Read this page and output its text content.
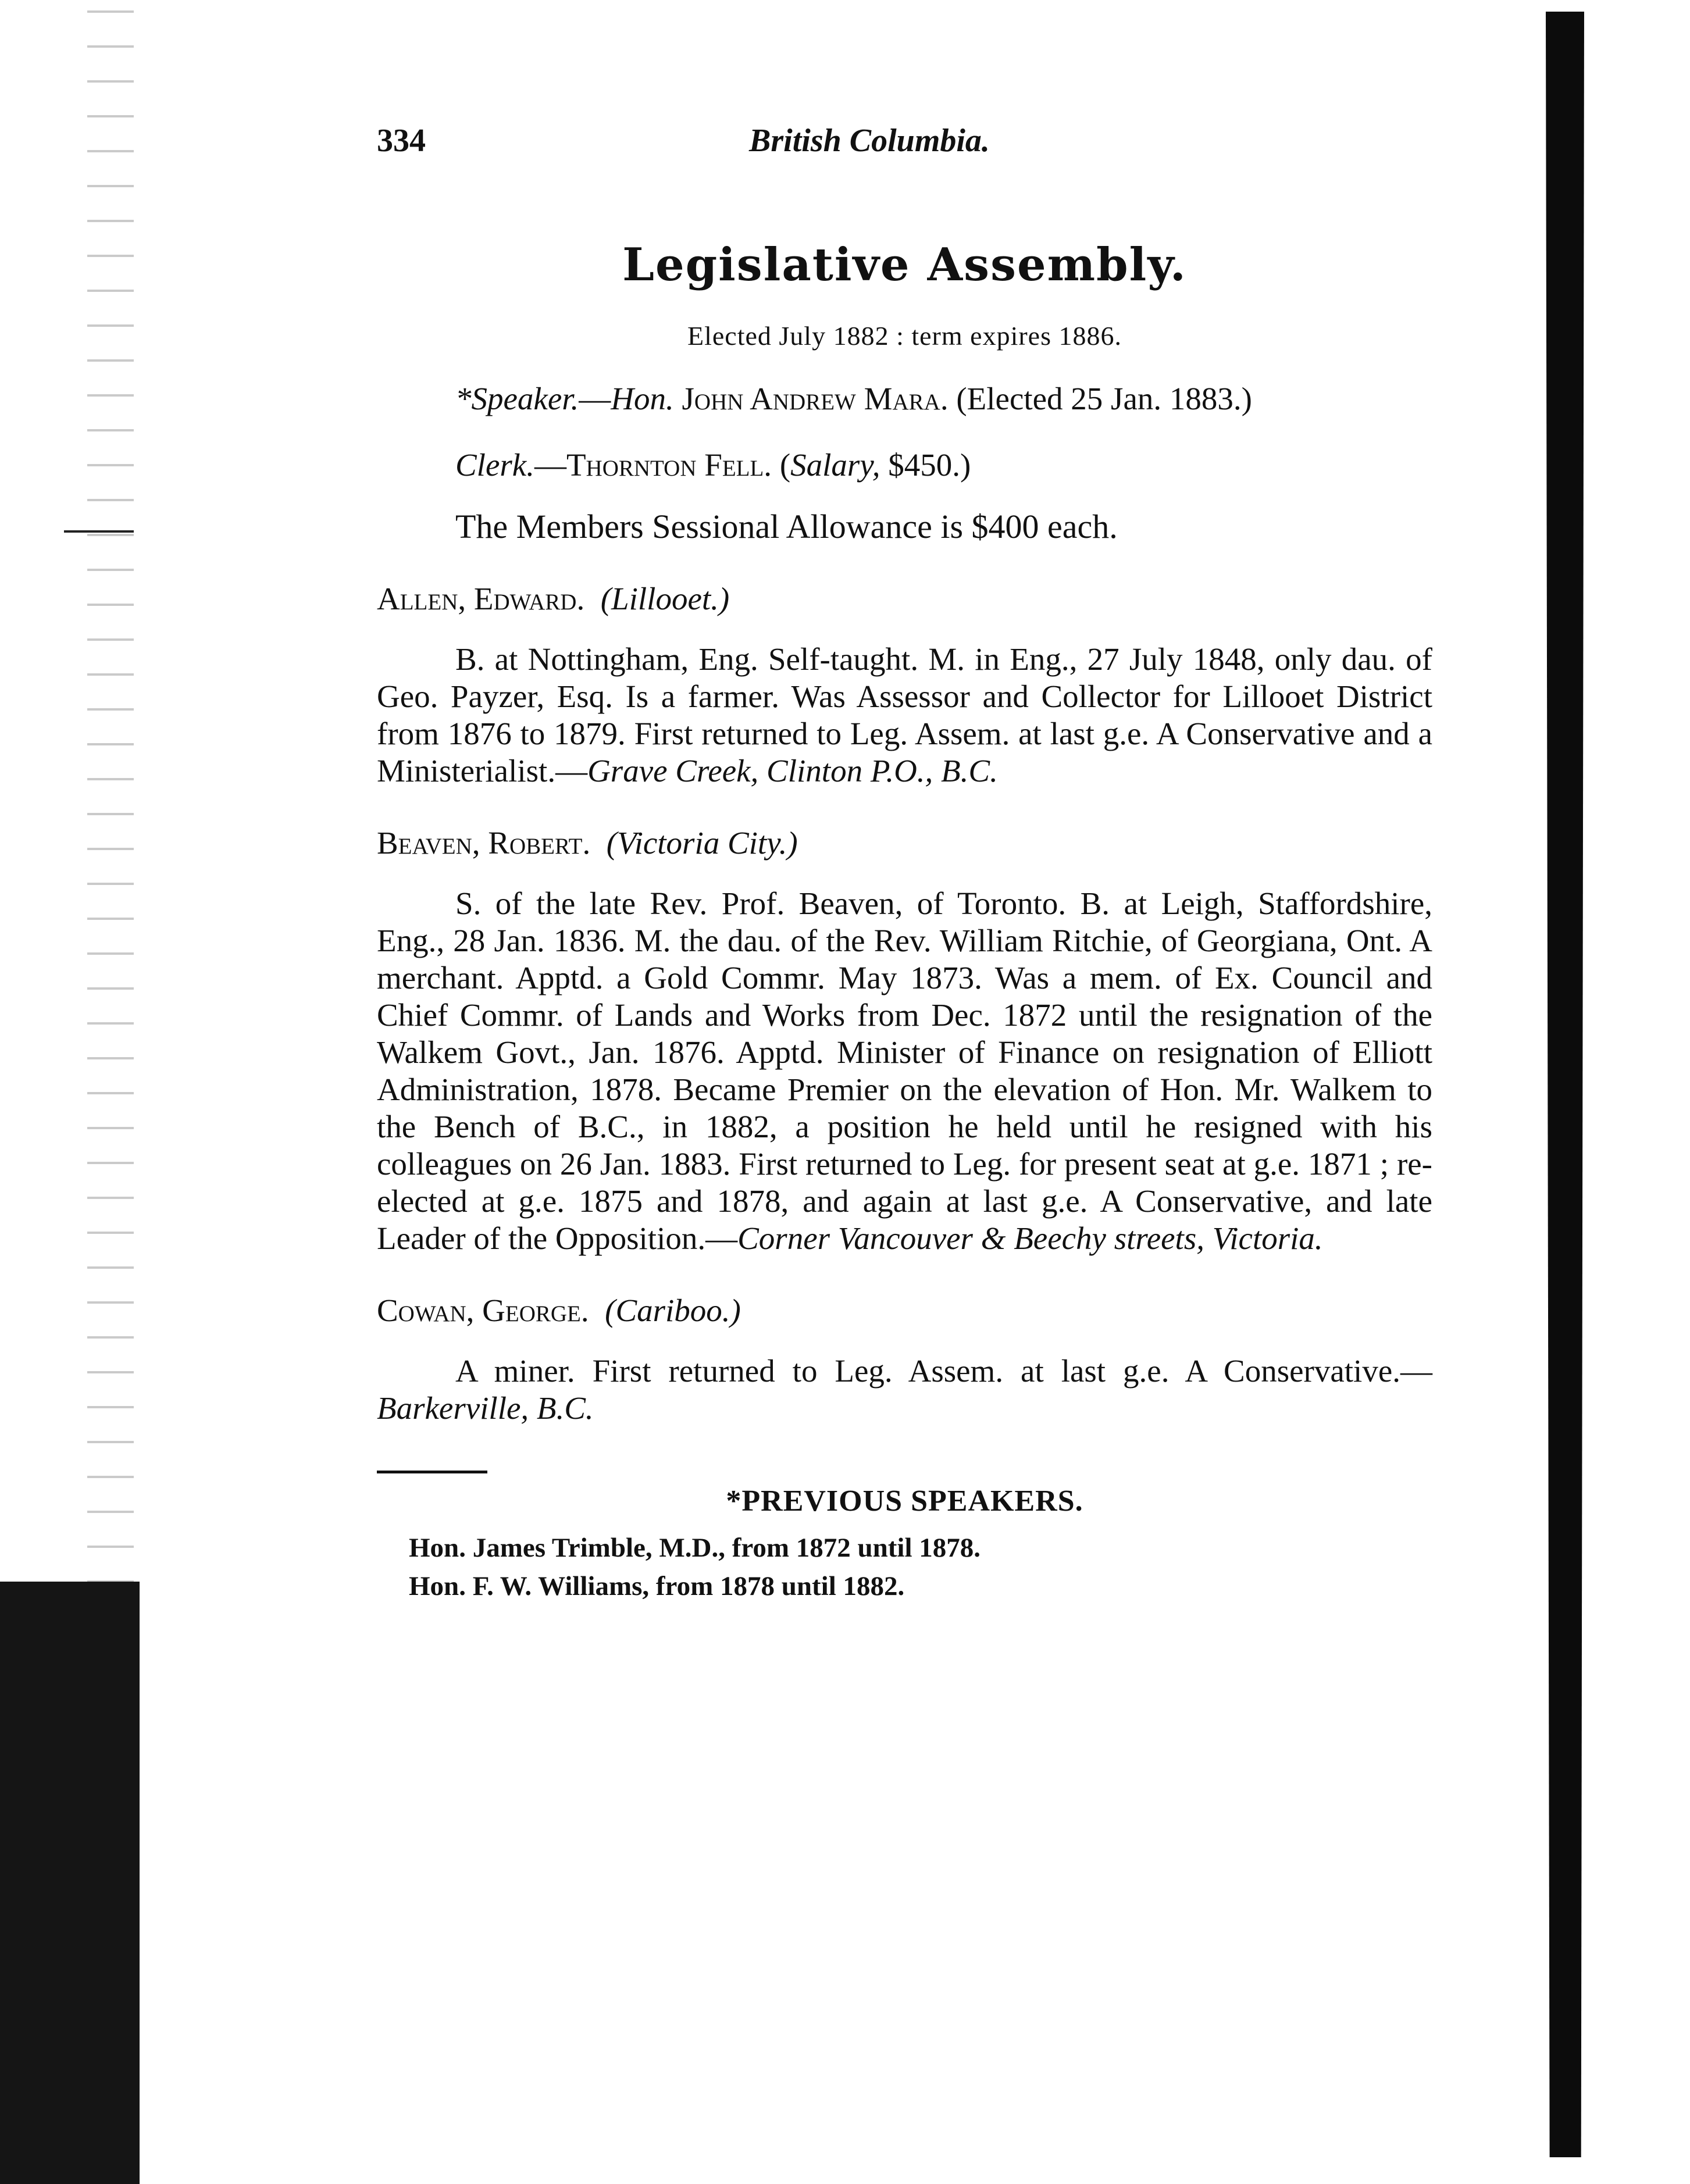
334	British Columbia.
Legislative Assembly.
Elected July 1882 : term expires 1886.

*Speaker.—Hon. John Andrew Mara. (Elected 25 Jan. 1883.)

Clerk.—Thornton Fell. (Salary, $450.)

The Members Sessional Allowance is $400 each.

Allen, Edward. (Lillooet.)

B. at Nottingham, Eng. Self-taught. M. in Eng., 27 July 1848, only dau. of Geo. Payzer, Esq. Is a farmer. Was Assessor and Collector for Lillooet District from 1876 to 1879. First returned to Leg. Assem. at last g.e. A Conservative and a Ministerialist.—Grave Creek, Clinton P.O., B.C.

Beaven, Robert. (Victoria City.)

S. of the late Rev. Prof. Beaven, of Toronto. B. at Leigh, Staffordshire, Eng., 28 Jan. 1836. M. the dau. of the Rev. William Ritchie, of Georgiana, Ont. A merchant. Apptd. a Gold Commr. May 1873. Was a mem. of Ex. Council and Chief Commr. of Lands and Works from Dec. 1872 until the resignation of the Walkem Govt., Jan. 1876. Apptd. Minister of Finance on resignation of Elliott Administration, 1878. Became Premier on the elevation of Hon. Mr. Walkem to the Bench of B.C., in 1882, a position he held until he resigned with his colleagues on 26 Jan. 1883. First returned to Leg. for present seat at g.e. 1871 ; re-elected at g.e. 1875 and 1878, and again at last g.e. A Conservative, and late Leader of the Opposition.—Corner Vancouver & Beechy streets, Victoria.

Cowan, George. (Cariboo.)

A miner. First returned to Leg. Assem. at last g.e. A Conservative.—Barkerville, B.C.

*PREVIOUS SPEAKERS.
Hon. James Trimble, M.D., from 1872 until 1878.
Hon. F. W. Williams, from 1878 until 1882.
